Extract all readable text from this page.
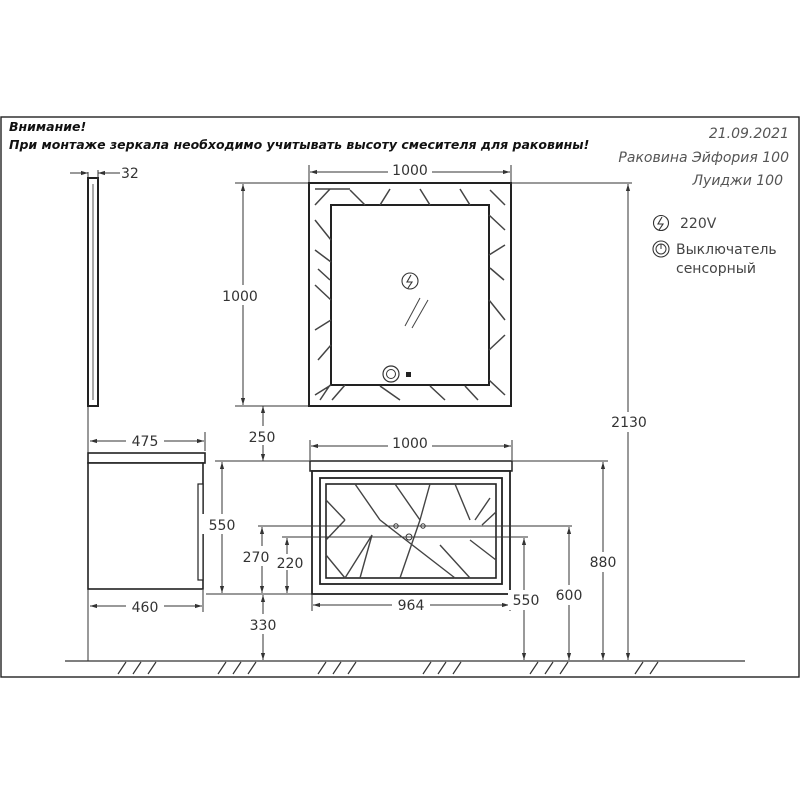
Внимание!
При монтаже зеркала необходимо учитывать высоту смесителя для раковины!
21.09.2021
Раковина Эйфория 100
Луиджи 100
220V
Выключатель
сенсорный
32
475
460
1000
1000
250	1000
550
270 220
330
964	550 600
880
2130
